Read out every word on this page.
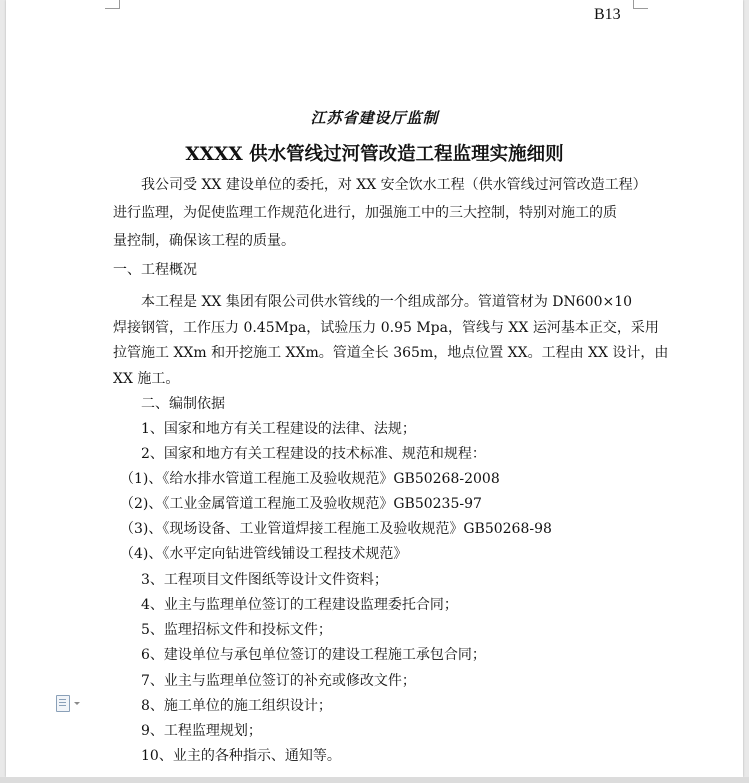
B13
江苏省建设厅监制
XXXX 供水管线过河管改造工程监理实施细则
　　我公司受 XX 建设单位的委托，对 XX 安全饮水工程（供水管线过河管改造工程）
进行监理，为促使监理工作规范化进行，加强施工中的三大控制，特别对施工的质
量控制，确保该工程的质量。
一、工程概况
　　本工程是 XX 集团有限公司供水管线的一个组成部分。管道管材为 DN600×10
焊接钢管，工作压力 0.45Mpa，试验压力 0.95 Mpa，管线与 XX 运河基本正交，采用
拉管施工 XXm 和开挖施工 XXm。管道全长 365m，地点位置 XX。工程由 XX 设计，由
XX 施工。
　　二、编制依据
　　1、国家和地方有关工程建设的法律、法规；
　　2、国家和地方有关工程建设的技术标准、规范和规程：
　（1)、《给水排水管道工程施工及验收规范》GB50268-2008
　（2)、《工业金属管道工程施工及验收规范》GB50235-97
　（3)、《现场设备、工业管道焊接工程施工及验收规范》GB50268-98
　（4)、《水平定向钻进管线铺设工程技术规范》
　　3、工程项目文件图纸等设计文件资料；
　　4、业主与监理单位签订的工程建设监理委托合同；
　　5、监理招标文件和投标文件；
　　6、建设单位与承包单位签订的建设工程施工承包合同；
　　7、业主与监理单位签订的补充或修改文件；
　　8、施工单位的施工组织设计；
　　9、工程监理规划；
　　10、业主的各种指示、通知等。
